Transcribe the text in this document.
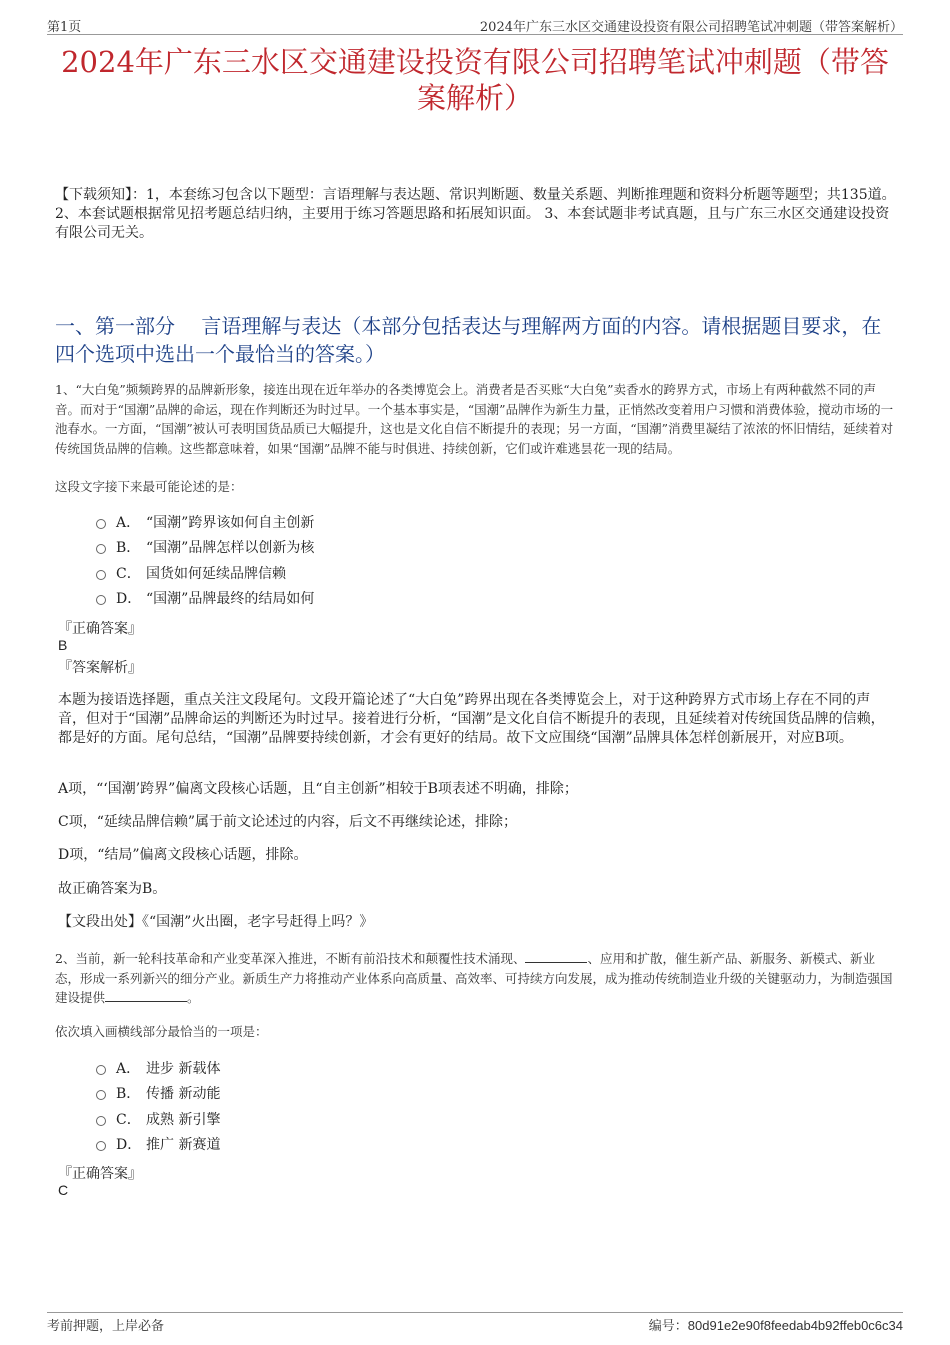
第1页	2024年广东三水区交通建设投资有限公司招聘笔试冲刺题（带答案解析）
2024年广东三水区交通建设投资有限公司招聘笔试冲刺题（带答案解析）
【下载须知】：1，本套练习包含以下题型：言语理解与表达题、常识判断题、数量关系题、判断推理题和资料分析题等题型；共135道。 2、本套试题根据常见招考题总结归纳，主要用于练习答题思路和拓展知识面。 3、本套试题非考试真题，且与广东三水区交通建设投资有限公司无关。
一、第一部分　 言语理解与表达（本部分包括表达与理解两方面的内容。请根据题目要求，在四个选项中选出一个最恰当的答案。）
1、“大白兔”频频跨界的品牌新形象，接连出现在近年举办的各类博览会上。消费者是否买账“大白兔”卖香水的跨界方式，市场上有两种截然不同的声音。而对于“国潮”品牌的命运，现在作判断还为时过早。一个基本事实是，“国潮”品牌作为新生力量，正悄然改变着用户习惯和消费体验，搅动市场的一池春水。一方面，“国潮”被认可表明国货品质已大幅提升，这也是文化自信不断提升的表现；另一方面，“国潮”消费里凝结了浓浓的怀旧情结，延续着对传统国货品牌的信赖。这些都意味着，如果“国潮”品牌不能与时俱进、持续创新，它们或许难逃昙花一现的结局。
这段文字接下来最可能论述的是：
A． “国潮”跨界该如何自主创新
B． “国潮”品牌怎样以创新为核
C． 国货如何延续品牌信赖
D． “国潮”品牌最终的结局如何
『正确答案』
B
『答案解析』
本题为接语选择题，重点关注文段尾句。文段开篇论述了“大白兔”跨界出现在各类博览会上，对于这种跨界方式市场上存在不同的声音，但对于“国潮”品牌命运的判断还为时过早。接着进行分析，“国潮”是文化自信不断提升的表现，且延续着对传统国货品牌的信赖，都是好的方面。尾句总结，“国潮”品牌要持续创新，才会有更好的结局。故下文应围绕“国潮”品牌具体怎样创新展开，对应B项。
A项，“‘国潮’跨界”偏离文段核心话题，且“自主创新”相较于B项表述不明确，排除；
C项，“延续品牌信赖”属于前文论述过的内容，后文不再继续论述，排除；
D项，“结局”偏离文段核心话题，排除。
故正确答案为B。
【文段出处】《“国潮”火出圈，老字号赶得上吗？》
2、当前，新一轮科技革命和产业变革深入推进，不断有前沿技术和颠覆性技术涌现、	、应用和扩散，催生新产品、新服务、新模式、新业态，形成一系列新兴的细分产业。新质生产力将推动产业体系向高质量、高效率、可持续方向发展，成为推动传统制造业升级的关键驱动力，为制造强国建设提供	。
依次填入画横线部分最恰当的一项是：
A． 进步 新载体
B． 传播 新动能
C． 成熟 新引擎
D． 推广 新赛道
『正确答案』
C
考前押题，上岸必备	编号：80d91e2e90f8feedab4b92ffeb0c6c34
